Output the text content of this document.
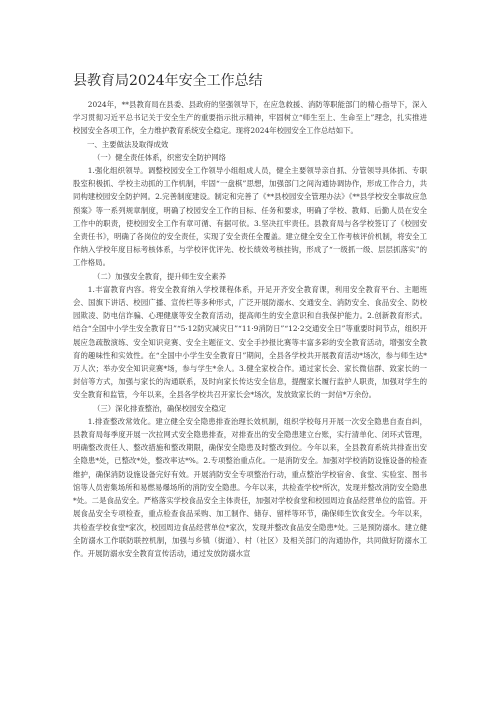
县教育局2024年安全工作总结

2024年，**县教育局在县委、县政府的坚强领导下，在应急救援、消防等职能部门的精心指导下，深入学习贯彻习近平总书记关于安全生产的重要指示批示精神，牢固树立“师生至上、生命至上”理念，扎实推进校园安全各项工作，全力维护教育系统安全稳定。现将2024年校园安全工作总结如下。

一、主要做法及取得成效

（一）健全责任体系，织密安全防护网络

1.强化组织领导。调整校园安全工作领导小组组成人员，健全主要领导亲自抓、分管领导具体抓、专职股室积极抓、学校主动抓的工作机制，牢固“一盘棋”思想，加强部门之间沟通协调协作，形成工作合力，共同构建校园安全防护网。2.完善制度建设。制定和完善了《**县校园安全管理办法》《**县学校安全事故应急预案》等一系列规章制度，明确了校园安全工作的目标、任务和要求，明确了学校、教师、后勤人员在安全工作中的职责，使校园安全工作有章可循、有据可依。3.坚决扛牢责任。县教育局与各学校签订了《校园安全责任书》，明确了各岗位的安全责任，实现了安全责任全覆盖。建立健全安全工作考核评价机制，将安全工作纳入学校年度目标考核体系，与学校评优评先、校长绩效考核挂钩，形成了“一级抓一级、层层抓落实”的工作格局。

（二）加强安全教育，提升师生安全素养

1.丰富教育内容。将安全教育纳入学校课程体系，开足开齐安全教育课，利用安全教育平台、主题班会、国旗下讲话、校园广播、宣传栏等多种形式，广泛开展防溺水、交通安全、消防安全、食品安全、防校园欺凌、防电信诈骗、心理健康等安全教育活动，提高师生的安全意识和自我保护能力。2.创新教育形式。结合“全国中小学生安全教育日”“5·12防灾减灾日”“11·9消防日”“12·2交通安全日”等重要时间节点，组织开展应急疏散演练、安全知识竞赛、安全主题征文、安全手抄报比赛等丰富多彩的安全教育活动，增强安全教育的趣味性和实效性。在“全国中小学生安全教育日”期间，全县各学校共开展教育活动*场次，参与师生达*万人次；举办安全知识竞赛*场，参与学生*余人。3.健全家校合作。通过家长会、家长微信群、致家长的一封信等方式，加强与家长的沟通联系，及时向家长传达安全信息，提醒家长履行监护人职责，加强对学生的安全教育和监管，今年以来，全县各学校共召开家长会*场次，发放致家长的一封信*万余份。

（三）深化排查整治，确保校园安全稳定

1.排查整改常效化。建立健全安全隐患排查治理长效机制，组织学校每月开展一次安全隐患自查自纠，县教育局每季度开展一次拉网式安全隐患排查，对排查出的安全隐患建立台账，实行清单化、闭环式管理，明确整改责任人、整改措施和整改期限，确保安全隐患及时整改到位。今年以来，全县教育系统共排查出安全隐患*处，已整改*处，整改率达*%。2.专项整治重点化。一是消防安全。加强对学校消防设施设备的检查维护，确保消防设施设备完好有效。开展消防安全专项整治行动，重点整治学校宿舍、食堂、实验室、图书馆等人员密集场所和易燃易爆场所的消防安全隐患。今年以来，共检查学校*所次，发现并整改消防安全隐患*处。二是食品安全。严格落实学校食品安全主体责任，加强对学校食堂和校园周边食品经营单位的监管。开展食品安全专项检查，重点检查食品采购、加工制作、储存、留样等环节，确保师生饮食安全。今年以来，共检查学校食堂*家次，校园周边食品经营单位*家次，发现并整改食品安全隐患*处。三是预防溺水。建立健全防溺水工作联防联控机制，加强与乡镇（街道）、村（社区）及相关部门的沟通协作，共同做好防溺水工作。开展防溺水安全教育宣传活动，通过发放防溺水宣
